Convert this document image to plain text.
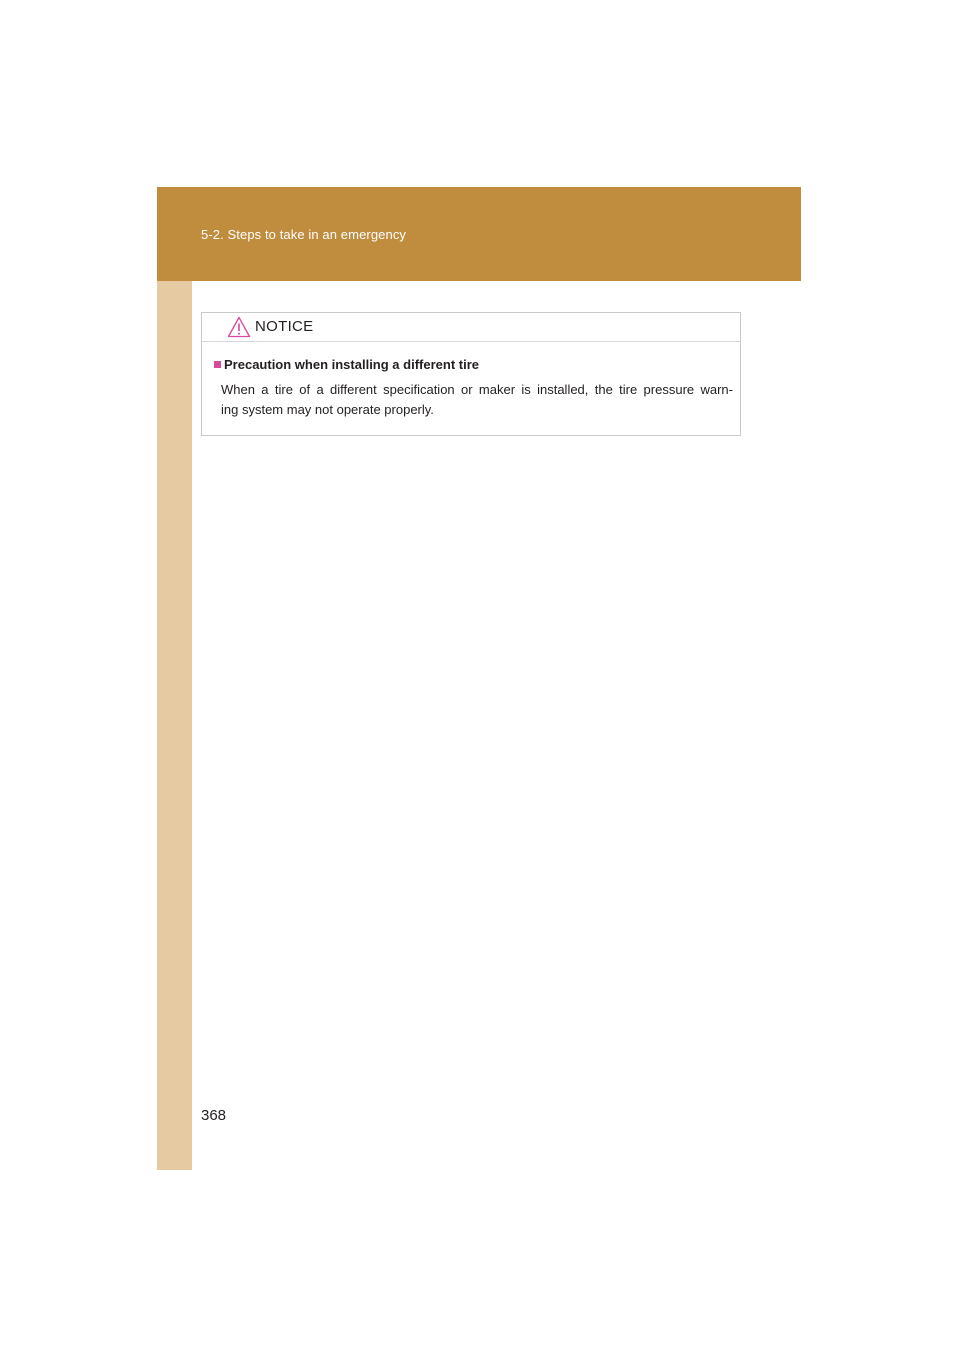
5-2. Steps to take in an emergency
NOTICE
Precaution when installing a different tire
When a tire of a different specification or maker is installed, the tire pressure warn-
ing system may not operate properly.
368
